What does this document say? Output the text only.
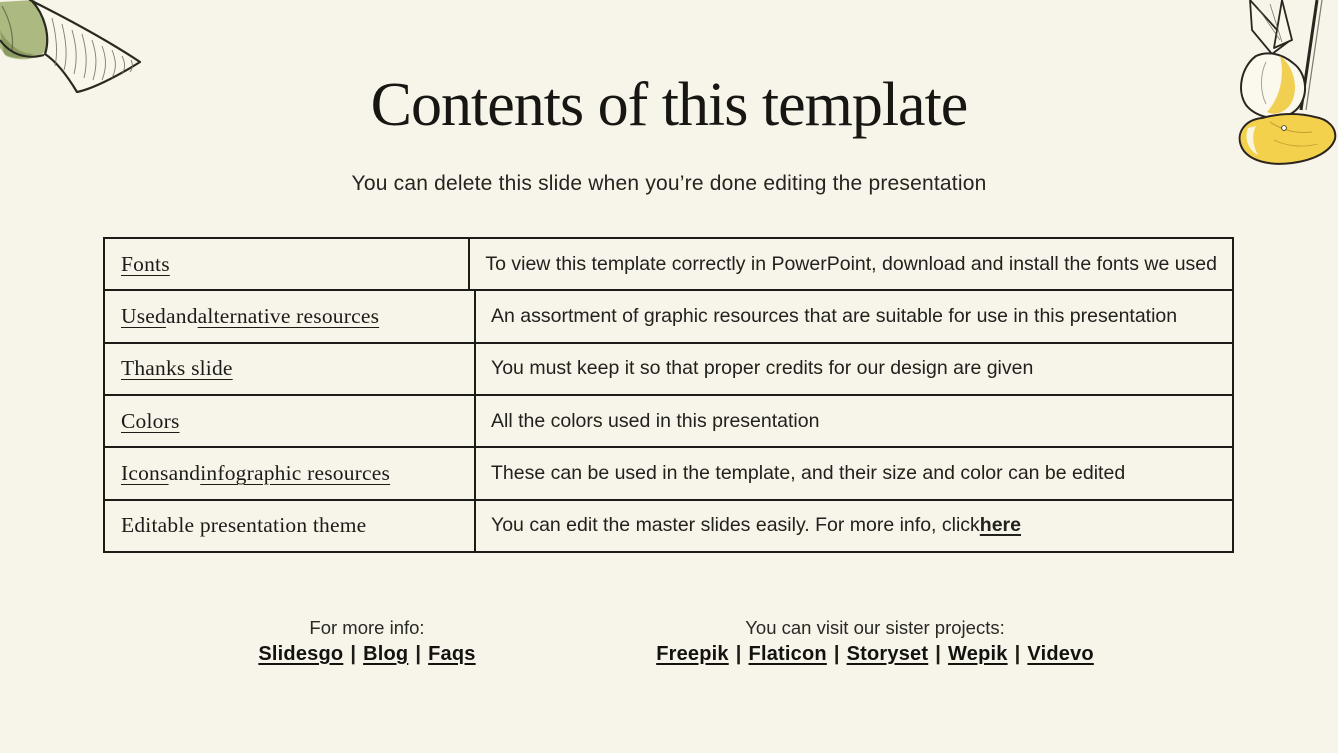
Contents of this template

You can delete this slide when you’re done editing the presentation

Fonts	To view this template correctly in PowerPoint, download and install the fonts we used
Used and alternative resources	An assortment of graphic resources that are suitable for use in this presentation
Thanks slide	You must keep it so that proper credits for our design are given
Colors	All the colors used in this presentation
Icons and infographic resources	These can be used in the template, and their size and color can be edited
Editable presentation theme	You can edit the master slides easily. For more info, click here
For more info:
Slidesgo | Blog | Faqs
You can visit our sister projects:
Freepik | Flaticon | Storyset | Wepik | Videvo
